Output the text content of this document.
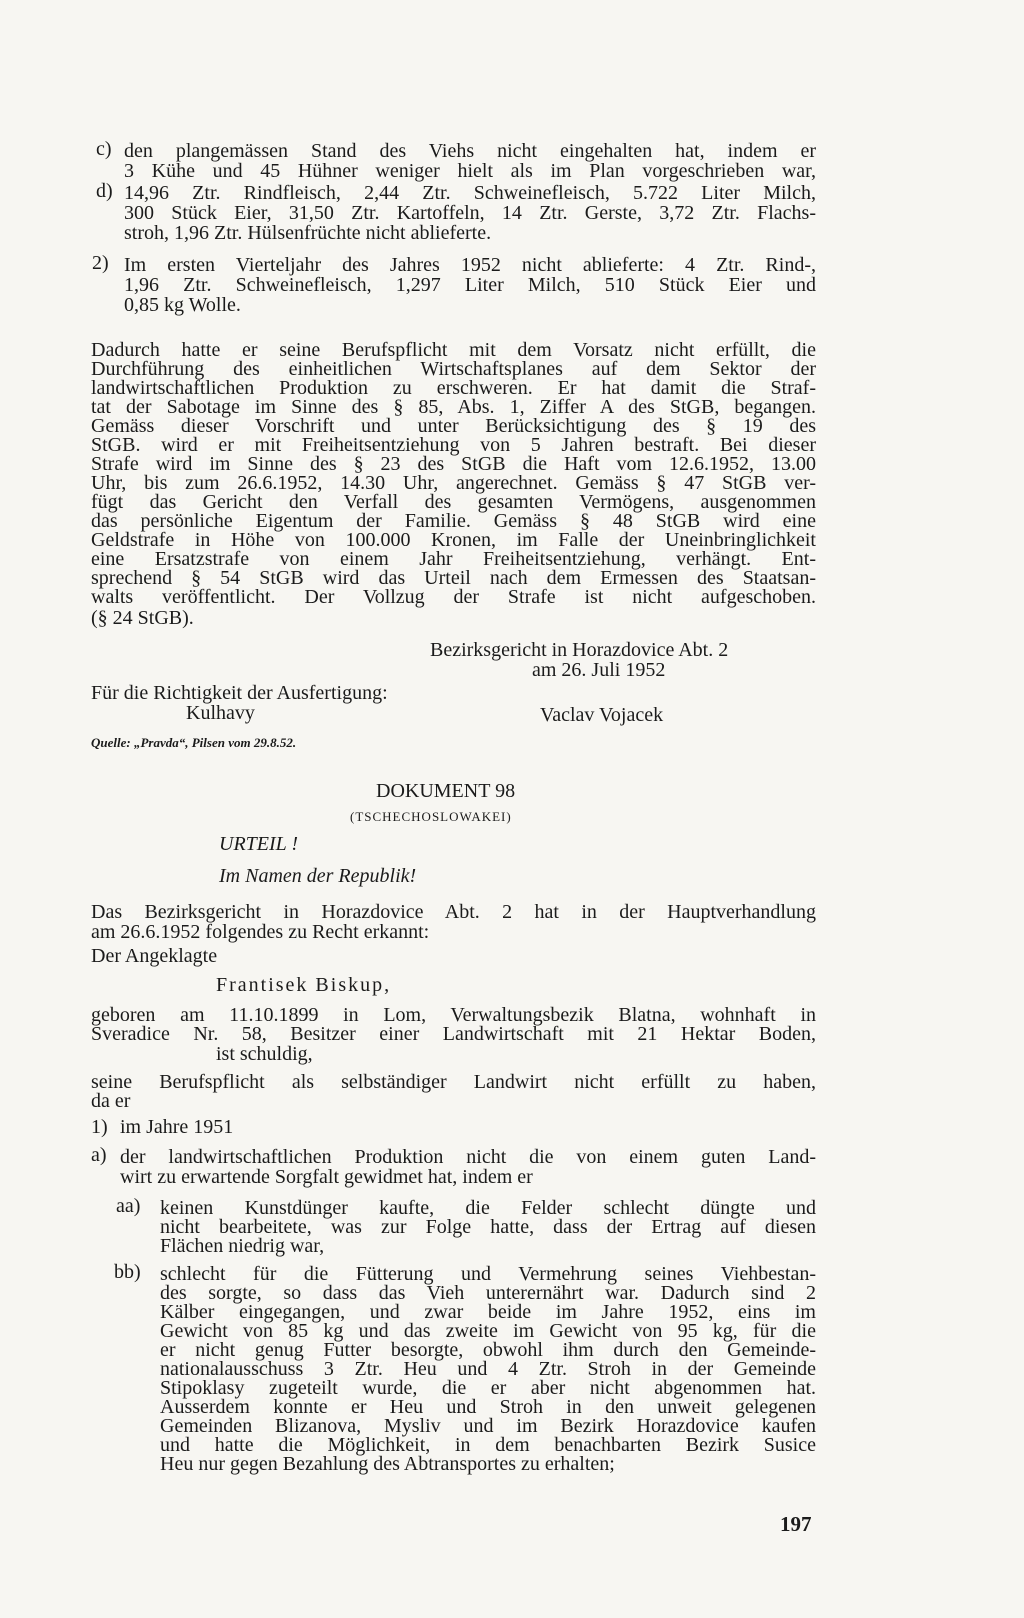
c) den plangemässen Stand des Viehs nicht eingehalten hat, indem er
3 Kühe und 45 Hühner weniger hielt als im Plan vorgeschrieben war,
d) 14,96 Ztr. Rindfleisch, 2,44 Ztr. Schweinefleisch, 5.722 Liter Milch,
300 Stück Eier, 31,50 Ztr. Kartoffeln, 14 Ztr. Gerste, 3,72 Ztr. Flachs-
stroh, 1,96 Ztr. Hülsenfrüchte nicht ablieferte.
2) Im ersten Vierteljahr des Jahres 1952 nicht ablieferte: 4 Ztr. Rind-,
1,96 Ztr. Schweinefleisch, 1,297 Liter Milch, 510 Stück Eier und
0,85 kg Wolle.
Dadurch hatte er seine Berufspflicht mit dem Vorsatz nicht erfüllt, die
Durchführung des einheitlichen Wirtschaftsplanes auf dem Sektor der
landwirtschaftlichen Produktion zu erschweren. Er hat damit die Straf-
tat der Sabotage im Sinne des § 85, Abs. 1, Ziffer A des StGB, begangen.
Gemäss dieser Vorschrift und unter Berücksichtigung des § 19 des
StGB. wird er mit Freiheitsentziehung von 5 Jahren bestraft. Bei dieser
Strafe wird im Sinne des § 23 des StGB die Haft vom 12.6.1952, 13.00
Uhr, bis zum 26.6.1952, 14.30 Uhr, angerechnet. Gemäss § 47 StGB ver-
fügt das Gericht den Verfall des gesamten Vermögens, ausgenommen
das persönliche Eigentum der Familie. Gemäss § 48 StGB wird eine
Geldstrafe in Höhe von 100.000 Kronen, im Falle der Uneinbringlichkeit
eine Ersatzstrafe von einem Jahr Freiheitsentziehung, verhängt. Ent-
sprechend § 54 StGB wird das Urteil nach dem Ermessen des Staatsan-
walts veröffentlicht. Der Vollzug der Strafe ist nicht aufgeschoben.
(§ 24 StGB).
Bezirksgericht in Horazdovice Abt. 2
am 26. Juli 1952
Für die Richtigkeit der Ausfertigung:
Kulhavy	Vaclav Vojacek
Quelle: „Pravda“, Pilsen vom 29.8.52.
DOKUMENT 98
(TSCHECHOSLOWAKEI)
URTEIL !
Im Namen der Republik!
Das Bezirksgericht in Horazdovice Abt. 2 hat in der Hauptverhandlung
am 26.6.1952 folgendes zu Recht erkannt:
Der Angeklagte
Frantisek Biskup,
geboren am 11.10.1899 in Lom, Verwaltungsbezik Blatna, wohnhaft in
Sveradice Nr. 58, Besitzer einer Landwirtschaft mit 21 Hektar Boden,
ist schuldig,
seine Berufspflicht als selbständiger Landwirt nicht erfüllt zu haben,
da er
1) im Jahre 1951
a) der landwirtschaftlichen Produktion nicht die von einem guten Land-
wirt zu erwartende Sorgfalt gewidmet hat, indem er
aa) keinen Kunstdünger kaufte, die Felder schlecht düngte und
nicht bearbeitete, was zur Folge hatte, dass der Ertrag auf diesen
Flächen niedrig war,
bb) schlecht für die Fütterung und Vermehrung seines Viehbestan-
des sorgte, so dass das Vieh unterernährt war. Dadurch sind 2
Kälber eingegangen, und zwar beide im Jahre 1952, eins im
Gewicht von 85 kg und das zweite im Gewicht von 95 kg, für die
er nicht genug Futter besorgte, obwohl ihm durch den Gemeinde-
nationalausschuss 3 Ztr. Heu und 4 Ztr. Stroh in der Gemeinde
Stipoklasy zugeteilt wurde, die er aber nicht abgenommen hat.
Ausserdem konnte er Heu und Stroh in den unweit gelegenen
Gemeinden Blizanova, Mysliv und im Bezirk Horazdovice kaufen
und hatte die Möglichkeit, in dem benachbarten Bezirk Susice
Heu nur gegen Bezahlung des Abtransportes zu erhalten;
197
